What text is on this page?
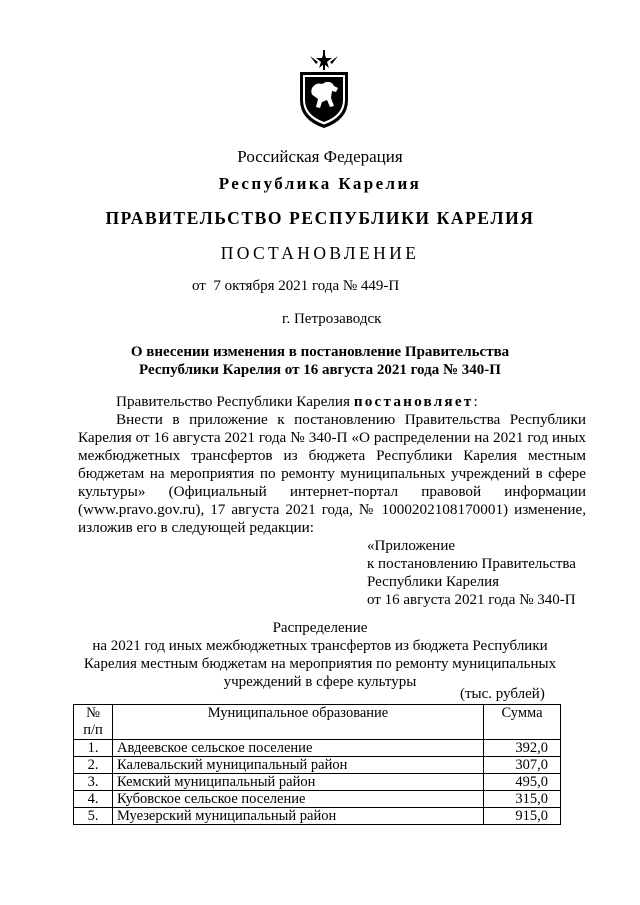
Российская Федерация
Республика Карелия
ПРАВИТЕЛЬСТВО РЕСПУБЛИКИ КАРЕЛИЯ
ПОСТАНОВЛЕНИЕ
от  7 октября 2021 года № 449-П
г. Петрозаводск
О внесении изменения в постановление Правительства
Республики Карелия от 16 августа 2021 года № 340-П

Правительство Республики Карелия постановляет:

Внести в приложение к постановлению Правительства Республики Карелия от 16 августа 2021 года № 340-П «О распределении на 2021 год иных межбюджетных трансфертов из бюджета Республики Карелия местным бюджетам на мероприятия по ремонту муниципальных учреждений в сфере культуры» (Официальный интернет-портал правовой информации (www.pravo.gov.ru), 17 августа 2021 года, № 1000202108170001) изменение, изложив его в следующей редакции:

«Приложение
к постановлению Правительства
Республики Карелия
от 16 августа 2021 года № 340-П
Распределение
на 2021 год иных межбюджетных трансфертов из бюджета Республики
Карелия местным бюджетам на мероприятия по ремонту муниципальных
учреждений в сфере культуры
(тыс. рублей)
№
п/п	Муниципальное образование	Сумма
1.	Авдеевское сельское поселение	392,0
2.	Калевальский муниципальный район	307,0
3.	Кемский муниципальный район	495,0
4.	Кубовское сельское поселение	315,0
5.	Муезерский муниципальный район	915,0
